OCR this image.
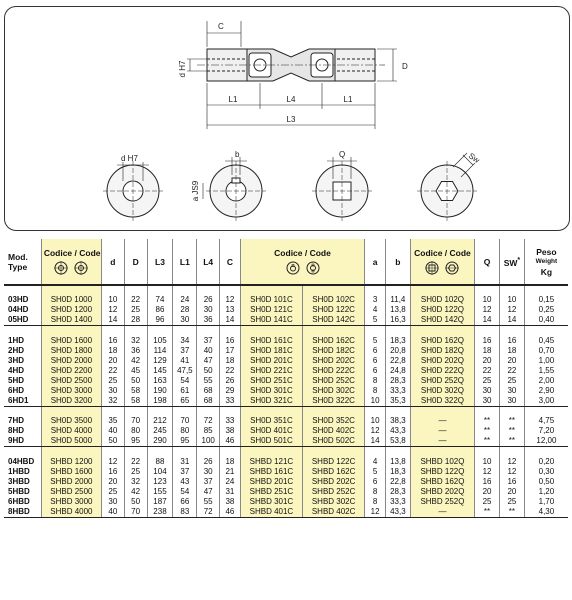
C
d H7	D
L1	L4	L1
L3
d H7	b
a JS9
Q	Sw
Mod.
Type	Codice / Code	d	D	L3	L1	L4	C	Codice / Code		a	b	Codice / Code	Q	SW*	Peso
Weight
Kg

03HD	SH0D 1000	10	22	74	24	26	12	SH0D 101C	SH0D 102C	3	11,4	SH0D 102Q	10	10	0,15
04HD	SH0D 1200	12	25	86	28	30	13	SH0D 121C	SH0D 122C	4	13,8	SH0D 122Q	12	12	0,25
05HD	SH0D 1400	14	28	96	30	36	14	SH0D 141C	SH0D 142C	5	16,3	SH0D 142Q	14	14	0,40

1HD	SH0D 1600	16	32	105	34	37	16	SH0D 161C	SH0D 162C	5	18,3	SH0D 162Q	16	16	0,45
2HD	SH0D 1800	18	36	114	37	40	17	SH0D 181C	SH0D 182C	6	20,8	SH0D 182Q	18	18	0,70
3HD	SH0D 2000	20	42	129	41	47	18	SH0D 201C	SH0D 202C	6	22,8	SH0D 202Q	20	20	1,00
4HD	SH0D 2200	22	45	145	47,5	50	22	SH0D 221C	SH0D 222C	6	24,8	SH0D 222Q	22	22	1,55
5HD	SH0D 2500	25	50	163	54	55	26	SH0D 251C	SH0D 252C	8	28,3	SH0D 252Q	25	25	2,00
6HD	SH0D 3000	30	58	190	61	68	29	SH0D 301C	SH0D 302C	8	33,3	SH0D 302Q	30	30	2,90
6HD1	SH0D 3200	32	58	198	65	68	33	SH0D 321C	SH0D 322C	10	35,3	SH0D 322Q	30	30	3,00

7HD	SH0D 3500	35	70	212	70	72	33	SH0D 351C	SH0D 352C	10	38,3	—	**	**	4,75
8HD	SH0D 4000	40	80	245	80	85	38	SH0D 401C	SH0D 402C	12	43,3	—	**	**	7,20
9HD	SH0D 5000	50	95	290	95	100	46	SH0D 501C	SH0D 502C	14	53,8	—	**	**	12,00

04HBD	SHBD 1200	12	22	88	31	26	18	SHBD 121C	SHBD 122C	4	13,8	SHBD 102Q	10	12	0,20
1HBD	SHBD 1600	16	25	104	37	30	21	SHBD 161C	SHBD 162C	5	18,3	SHBD 122Q	12	12	0,30
3HBD	SHBD 2000	20	32	123	43	37	24	SHBD 201C	SHBD 202C	6	22,8	SHBD 162Q	16	16	0,50
5HBD	SHBD 2500	25	42	155	54	47	31	SHBD 251C	SHBD 252C	8	28,3	SHBD 202Q	20	20	1,20
6HBD	SHBD 3000	30	50	187	66	55	38	SHBD 301C	SHBD 302C	8	33,3	SHBD 252Q	25	25	1,70
8HBD	SHBD 4000	40	70	238	83	72	46	SHBD 401C	SHBD 402C	12	43,3	—	**	**	4,30
